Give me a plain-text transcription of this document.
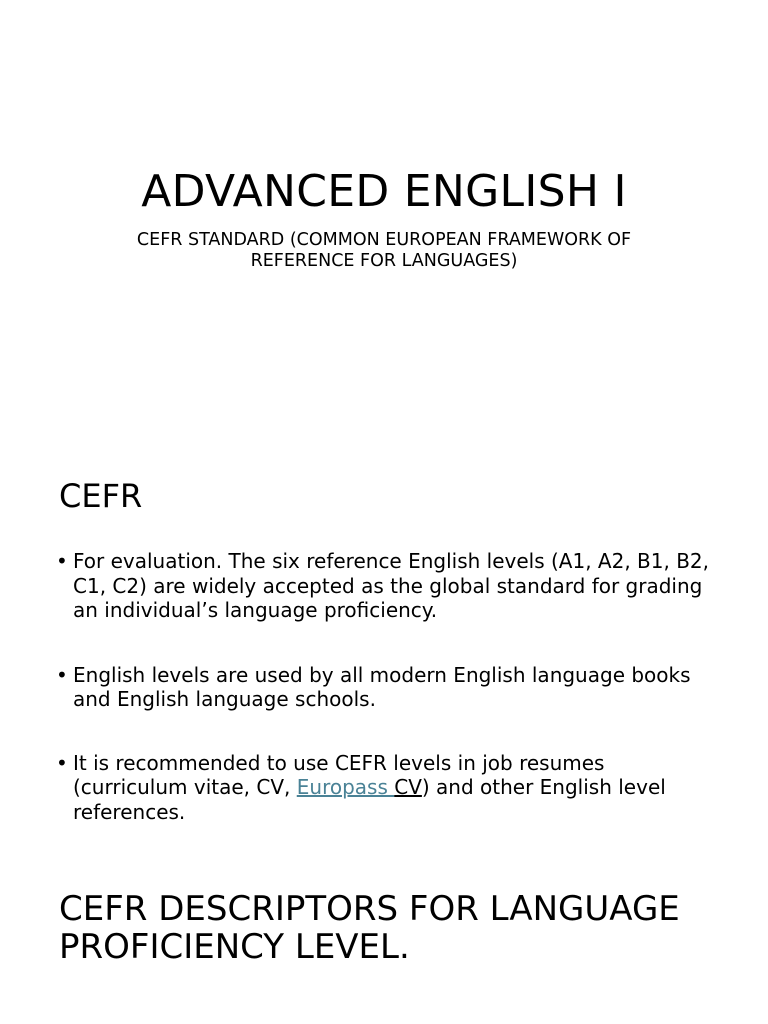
ADVANCED ENGLISH I

CEFR STANDARD (COMMON EUROPEAN FRAMEWORK OF REFERENCE FOR LANGUAGES)

CEFR
• For evaluation. The six reference English levels (A1, A2, B1, B2, C1, C2) are widely accepted as the global standard for grading an individual’s language proficiency.
• English levels are used by all modern English language books and English language schools.
• It is recommended to use CEFR levels in job resumes (curriculum vitae, CV, Europass CV) and other English level references.
CEFR DESCRIPTORS FOR LANGUAGE PROFICIENCY LEVEL.
